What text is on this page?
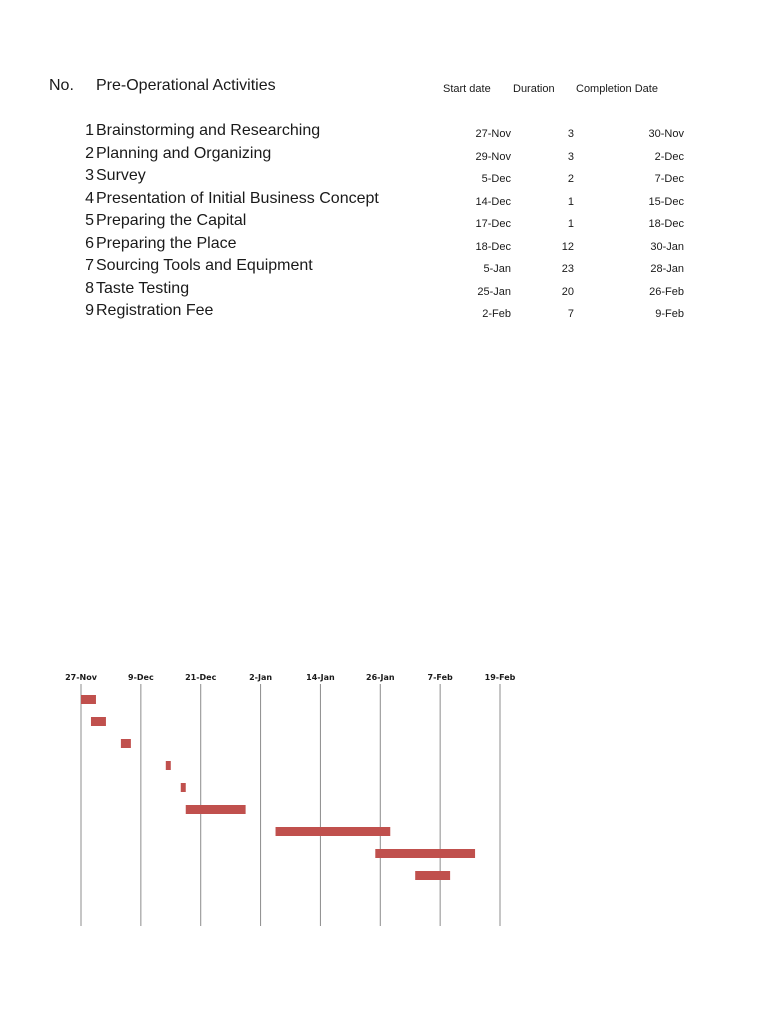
No. Pre-Operational Activities	Start date Duration Completion Date
1 Brainstorming and Researching	27-Nov	3	30-Nov
2 Planning and Organizing	29-Nov	3	2-Dec
3 Survey	5-Dec	2	7-Dec
4 Presentation of Initial Business Concept	14-Dec	1	15-Dec
5 Preparing the Capital	17-Dec	1	18-Dec
6 Preparing the Place	18-Dec	12	30-Jan
7 Sourcing Tools and Equipment	5-Jan	23	28-Jan
8 Taste Testing	25-Jan	20	26-Feb
9 Registration Fee	2-Feb	7	9-Feb
27-Nov	9-Dec	21-Dec	2-Jan	14-Jan	26-Jan	7-Feb	19-Feb
